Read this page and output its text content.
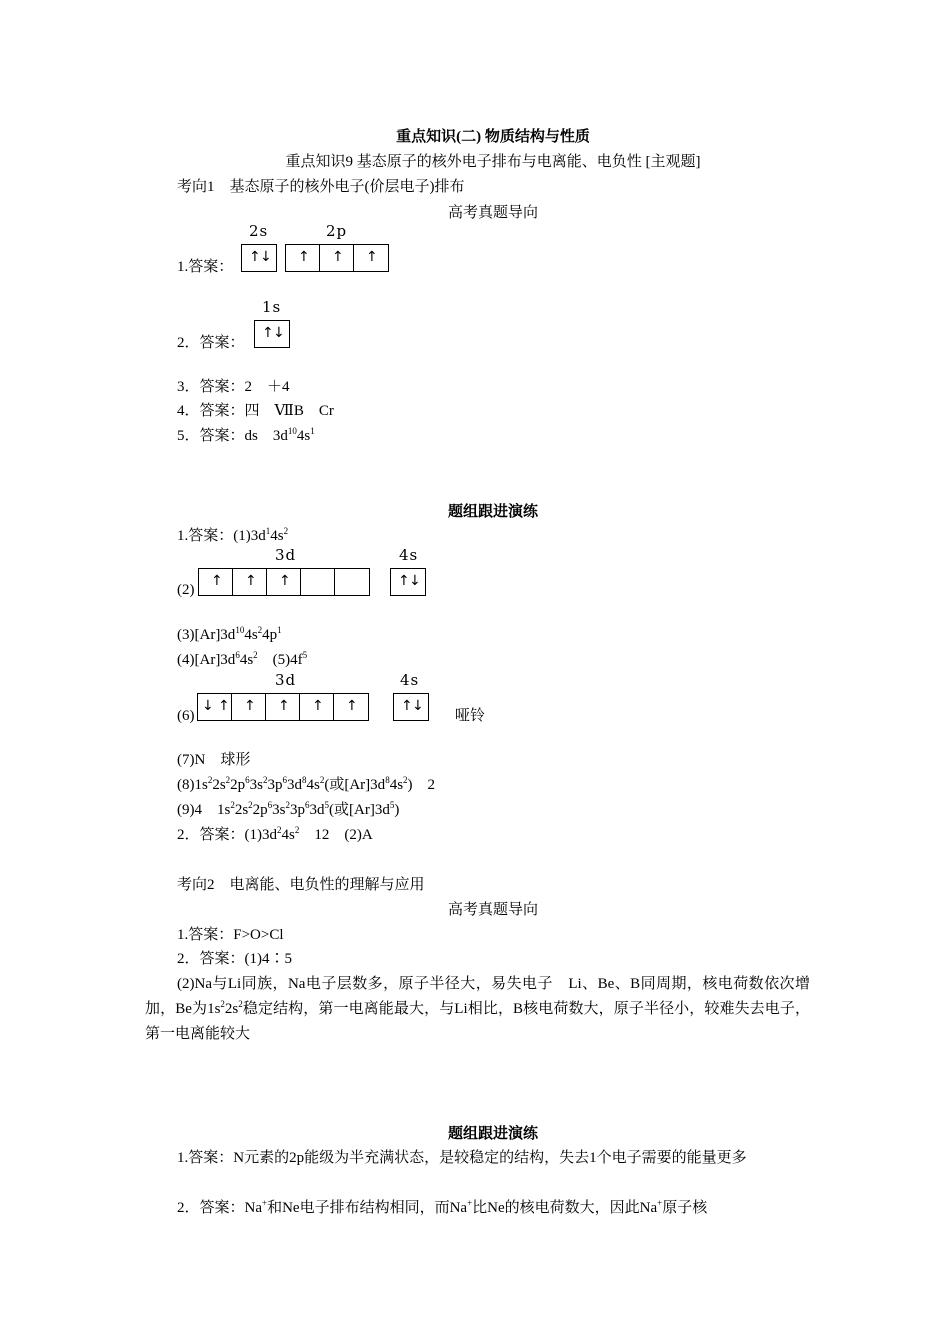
重点知识(二) 物质结构与性质
重点知识9 基态原子的核外电子排布与电离能、电负性 [主观题]
考向1　基态原子的核外电子(价层电子)排布
高考真题导向
2s	2p
1.答案：
↑ ↓ ↑ ↑ ↑
1s
2．答案：
↑ ↓
3．答案：2　＋4
4．答案：四　ⅦB　Cr
5．答案：ds　$3d^{10}4s^1$
题组跟进演练
1.答案：$(1)3d^14s^2$
3d	4s
(2)
↑ ↑ ↑	↑ ↓
$(3)[Ar]3d^{10}4s^24p^1$
$(4)[Ar]3d^64s^2$　$(5)4f^5$
3d	4s
(6)
↓ ↑ ↑ ↑ ↑ ↑	↑ ↓
哑铃
(7)N　球形
$(8)1s^22s^22p^63s^23p^63d^84s^2$(或$[Ar]3d^84s^2$)　2
(9)4　$1s^22s^22p^63s^23p^63d^5$(或$[Ar]3d^5$)
2．答案：$(1)3d^24s^2$　12　(2)A
考向2　电离能、电负性的理解与应用
高考真题导向
1.答案：F>O>Cl
2．答案：(1)4∶5
(2)Na与Li同族，Na电子层数多，原子半径大，易失电子　Li、Be、B同周期，核电荷数依次增加，Be为$1s^22s^2$稳定结构，第一电离能最大，与Li相比，B核电荷数大，原子半径小，较难失去电子，第一电离能较大
题组跟进演练
1.答案：N元素的2p能级为半充满状态，是较稳定的结构，失去1个电子需要的能量更多
2．答案：Na+和Ne电子排布结构相同，而Na+比Ne的核电荷数大，因此Na+原子核
